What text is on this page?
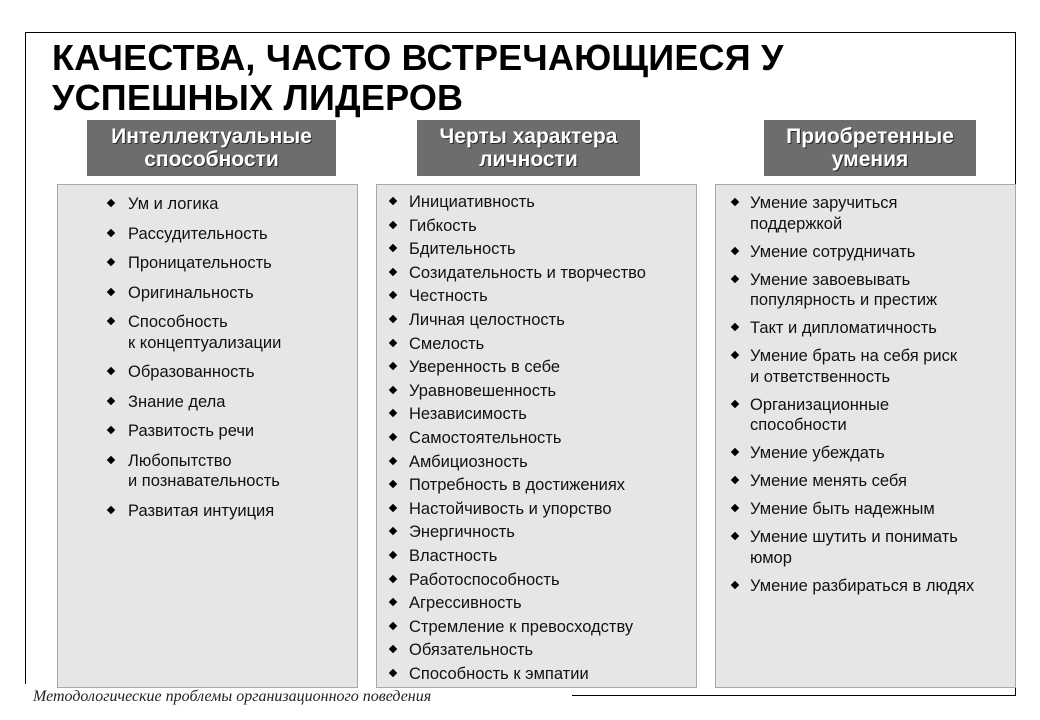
КАЧЕСТВА, ЧАСТО ВСТРЕЧАЮЩИЕСЯ У
УСПЕШНЫХ ЛИДЕРОВ
Интеллектуальные
способности
Ум и логика
Рассудительность
Проницательность
Оригинальность
Способность
к концептуализации
Образованность
Знание дела
Развитость речи
Любопытство
и познавательность
Развитая интуиция
Черты характера
личности
Инициативность
Гибкость
Бдительность
Созидательность и творчество
Честность
Личная целостность
Смелость
Уверенность в себе
Уравновешенность
Независимость
Самостоятельность
Амбициозность
Потребность в достижениях
Настойчивость и упорство
Энергичность
Властность
Работоспособность
Агрессивность
Стремление к превосходству
Обязательность
Способность к эмпатии
Приобретенные
умения
Умение заручиться
поддержкой
Умение сотрудничать
Умение завоевывать
популярность и престиж
Такт и дипломатичность
Умение брать на себя риск
и ответственность
Организационные
способности
Умение убеждать
Умение менять себя
Умение быть надежным
Умение шутить и понимать
юмор
Умение разбираться в людях
Методологические проблемы организационного поведения
